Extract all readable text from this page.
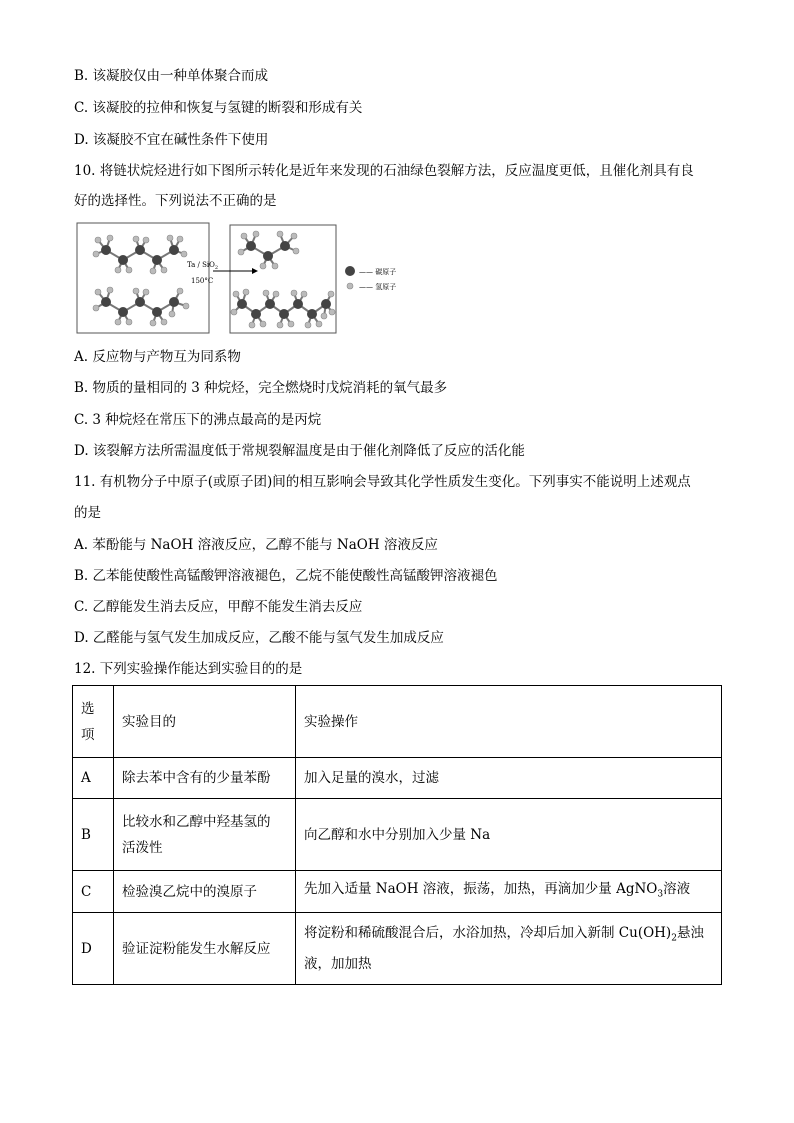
B. 该凝胶仅由一种单体聚合而成
C. 该凝胶的拉伸和恢复与氢键的断裂和形成有关
D. 该凝胶不宜在碱性条件下使用
10. 将链状烷烃进行如下图所示转化是近年来发现的石油绿色裂解方法，反应温度更低，且催化剂具有良
好的选择性。下列说法不正确的是
Ta / SiO$_2$
150°C
—— 碳原子
—— 氢原子
A. 反应物与产物互为同系物
B. 物质的量相同的 3 种烷烃，完全燃烧时戊烷消耗的氧气最多
C. 3 种烷烃在常压下的沸点最高的是丙烷
D. 该裂解方法所需温度低于常规裂解温度是由于催化剂降低了反应的活化能
11. 有机物分子中原子(或原子团)间的相互影响会导致其化学性质发生变化。下列事实不能说明上述观点
的是
A. 苯酚能与 NaOH 溶液反应，乙醇不能与 NaOH 溶液反应
B. 乙苯能使酸性高锰酸钾溶液褪色，乙烷不能使酸性高锰酸钾溶液褪色
C. 乙醇能发生消去反应，甲醇不能发生消去反应
D. 乙醛能与氢气发生加成反应，乙酸不能与氢气发生加成反应
12. 下列实验操作能达到实验目的的是
选
项	实验目的	实验操作
A	除去苯中含有的少量苯酚	加入足量的溴水，过滤
B	比较水和乙醇中羟基氢的
活泼性	向乙醇和水中分别加入少量 Na
C	检验溴乙烷中的溴原子	先加入适量 NaOH 溶液，振荡，加热，再滴加少量 AgNO$_3$溶液
D	验证淀粉能发生水解反应	将淀粉和稀硫酸混合后，水浴加热，冷却后加入新制 $Cu(OH)_2$悬浊
液，加加热
